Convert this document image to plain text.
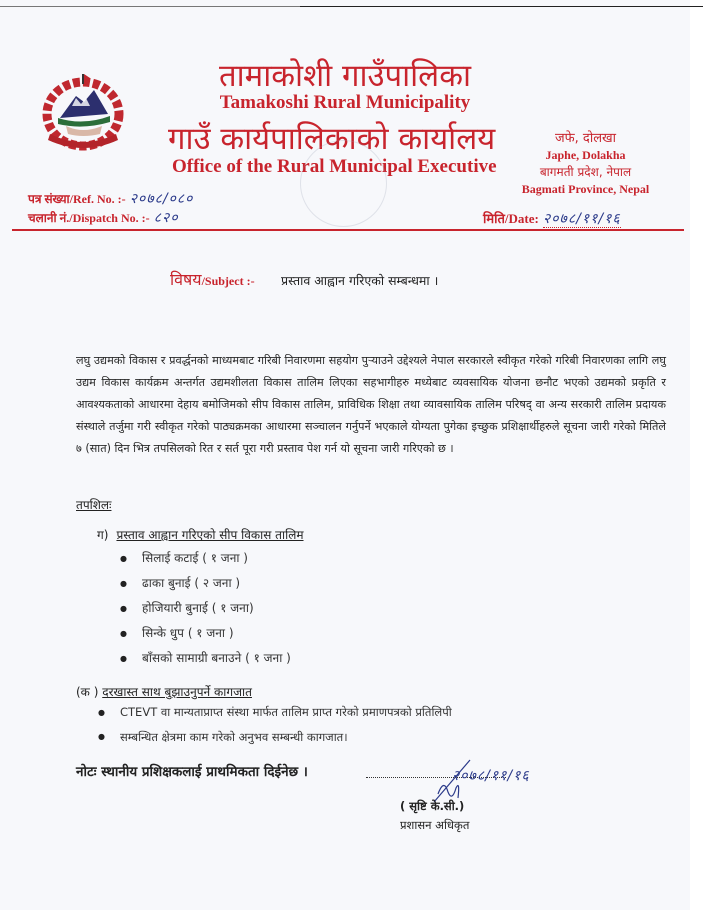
तामाकोशी गाउँपालिका
Tamakoshi Rural Municipality
गाउँ कार्यपालिकाको कार्यालय
Office of the Rural Municipal Executive
जफे, दोलखा
Japhe, Dolakha
बागमती प्रदेश, नेपाल
Bagmati Province, Nepal
पत्र संख्या/Ref. No. :- २०७८/०८०
चलानी नं./Dispatch No. :- ८२०	मिति/Date: २०७८/११/१६
विषय/Subject :- प्रस्ताव आह्वान गरिएको सम्बन्धमा ।
लघु उद्यमको विकास र प्रवर्द्धनको माध्यमबाट गरिबी निवारणमा सहयोग पुऱ्याउने उद्देश्यले नेपाल सरकारले स्वीकृत गरेको गरिबी निवारणका लागि लघु उद्यम विकास कार्यक्रम अन्तर्गत उद्यमशीलता विकास तालिम लिएका सहभागीहरु मध्येबाट व्यवसायिक योजना छनौट भएको उद्यमको प्रकृति र आवश्यकताको आधारमा देहाय बमोजिमको सीप विकास तालिम, प्राविधिक शिक्षा तथा व्यावसायिक तालिम परिषद् वा अन्य सरकारी तालिम प्रदायक संस्थाले तर्जुमा गरी स्वीकृत गरेको पाठ्यक्रमका आधारमा सञ्चालन गर्नुपर्ने भएकाले योग्यता पुगेका इच्छुक प्रशिक्षार्थीहरुले सूचना जारी गरेको मितिले ७ (सात) दिन भित्र तपसिलको रित र सर्त पूरा गरी प्रस्ताव पेश गर्न यो सूचना जारी गरिएको छ ।
तपशिलः
ग) प्रस्ताव आह्वान गरिएको सीप विकास तालिम
● सिलाई कटाई ( १ जना )
● ढाका बुनाई ( २ जना )
● होजियारी बुनाई ( १ जना)
● सिन्के धुप ( १ जना )
● बाँसको सामाग्री बनाउने ( १ जना )
(क ) दरखास्त साथ बुझाउनुपर्ने कागजात
● CTEVT वा मान्यताप्राप्त संस्था मार्फत तालिम प्राप्त गरेको प्रमाणपत्रको प्रतिलिपी
● सम्बन्धित क्षेत्रमा काम गरेको अनुभव सम्बन्धी कागजात।
नोटः स्थानीय प्रशिक्षकलाई प्राथमिकता दिईनेछ ।	२०७८/११/१६
( सृष्टि के.सी.)
प्रशासन अधिकृत
